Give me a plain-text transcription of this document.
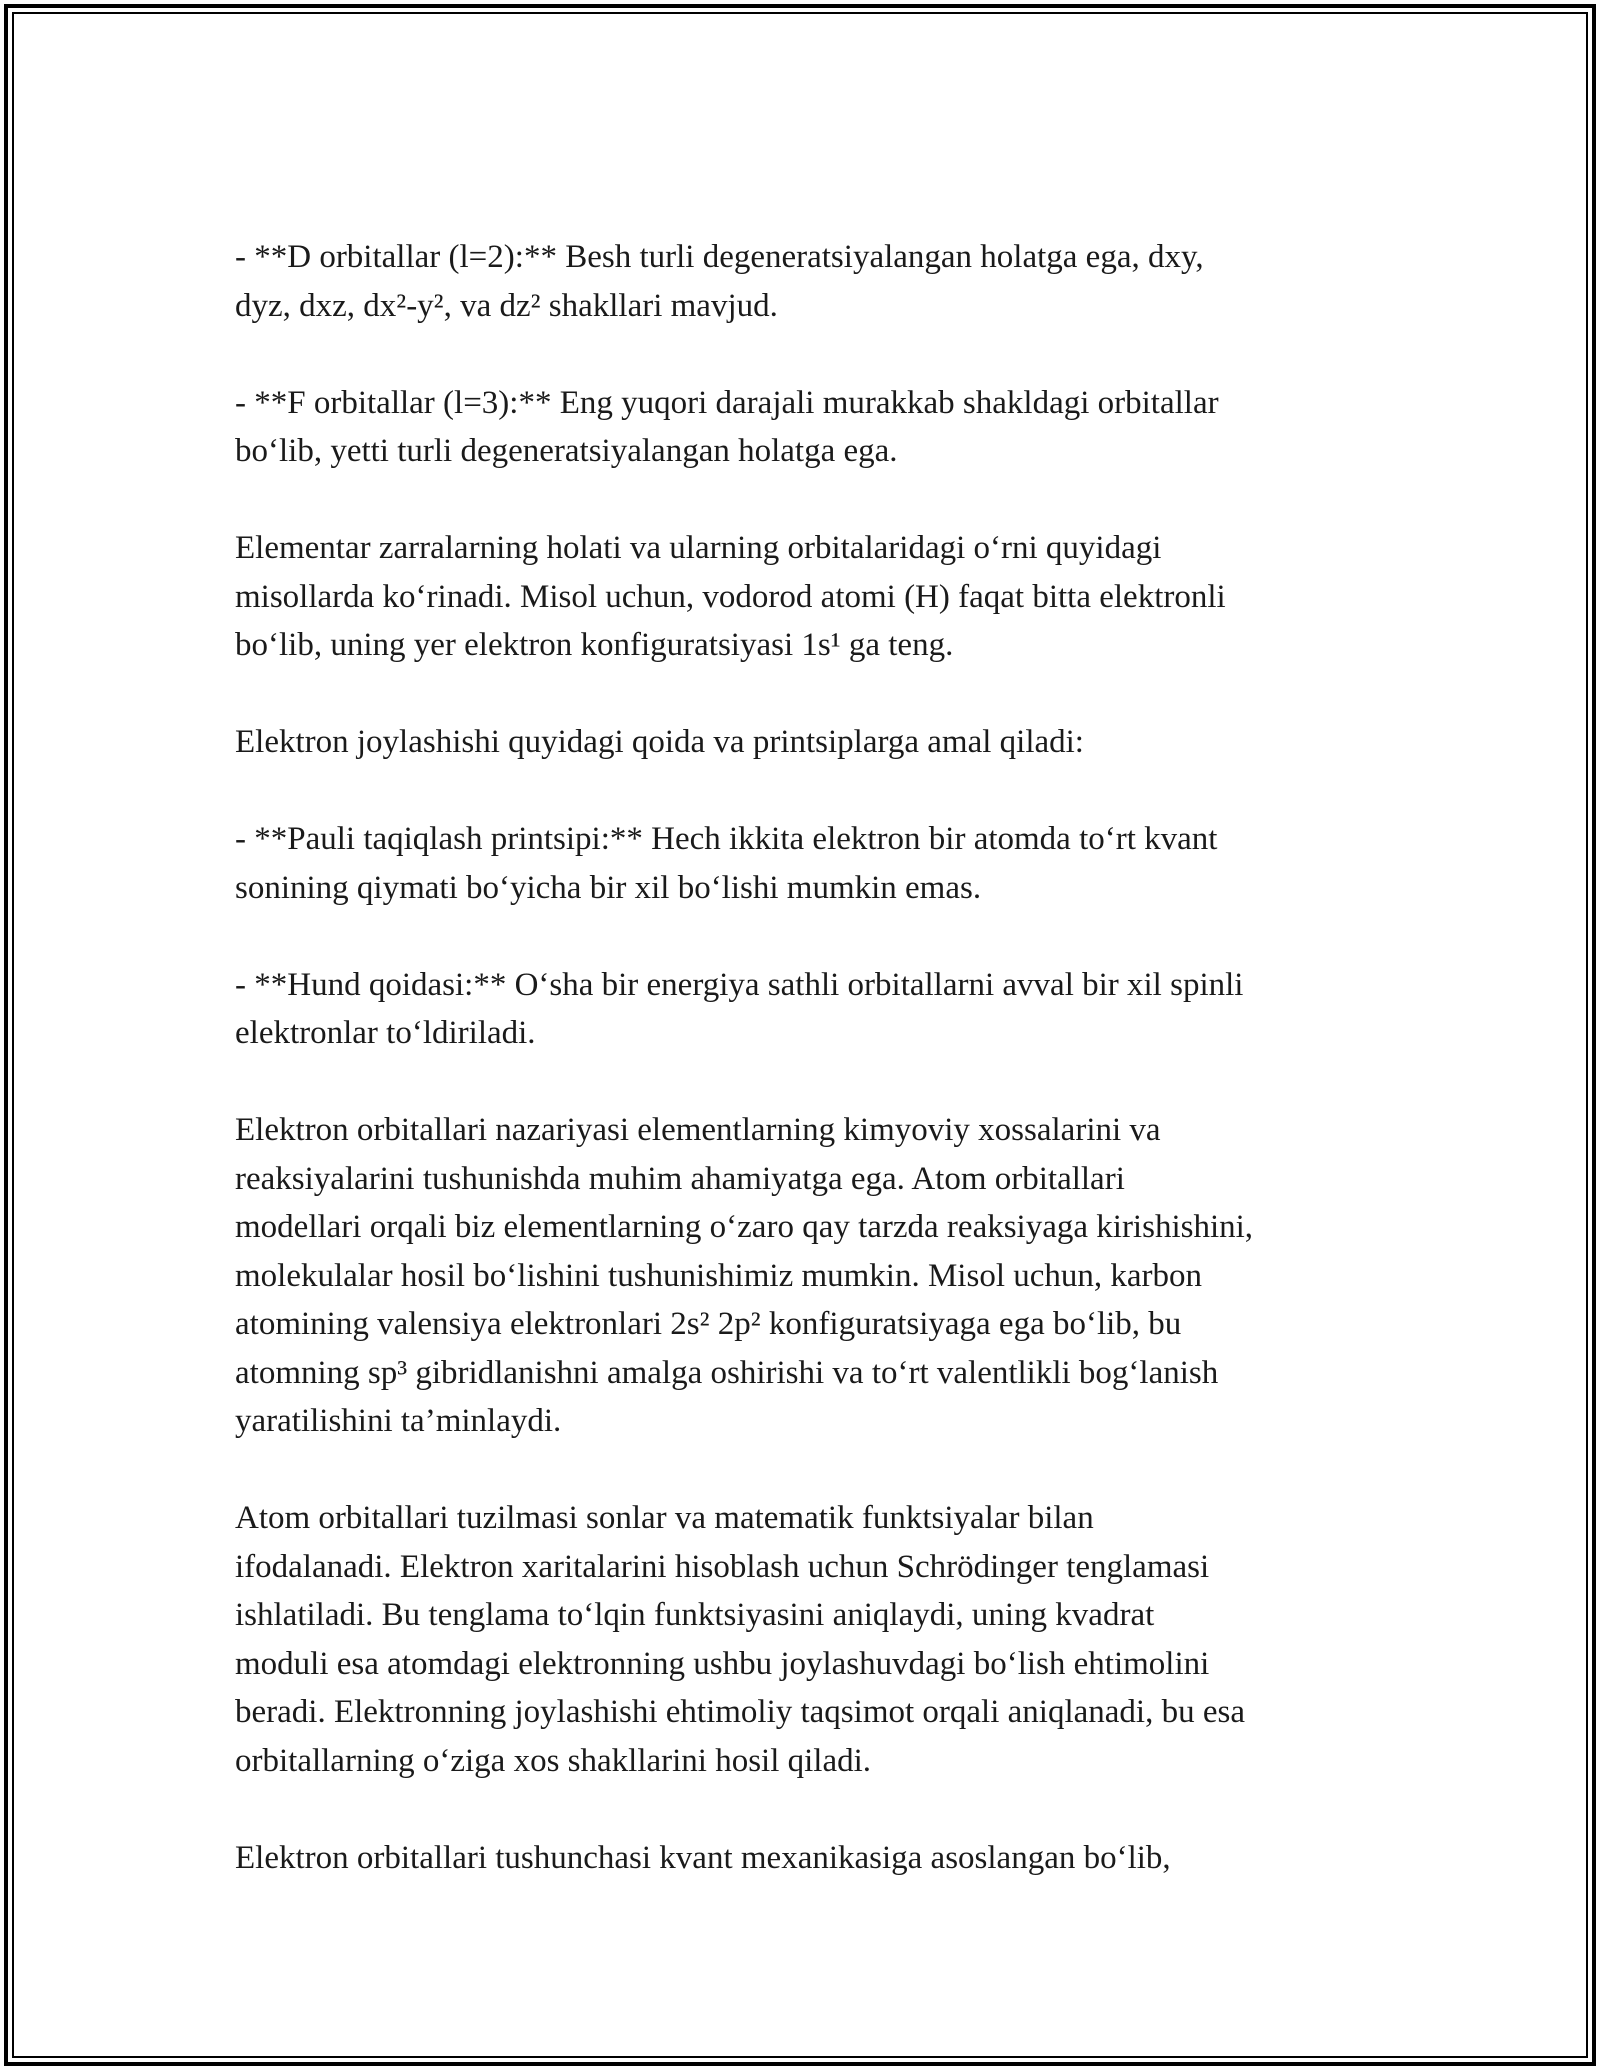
- **D orbitallar (l=2):** Besh turli degeneratsiyalangan holatga ega, dxy,
dyz, dxz, dx²-y², va dz² shakllari mavjud.

- **F orbitallar (l=3):** Eng yuqori darajali murakkab shakldagi orbitallar
bo‘lib, yetti turli degeneratsiyalangan holatga ega.

Elementar zarralarning holati va ularning orbitalaridagi o‘rni quyidagi
misollarda ko‘rinadi. Misol uchun, vodorod atomi (H) faqat bitta elektronli
bo‘lib, uning yer elektron konfiguratsiyasi 1s¹ ga teng.

Elektron joylashishi quyidagi qoida va printsiplarga amal qiladi:

- **Pauli taqiqlash printsipi:** Hech ikkita elektron bir atomda to‘rt kvant
sonining qiymati bo‘yicha bir xil bo‘lishi mumkin emas.

- **Hund qoidasi:** O‘sha bir energiya sathli orbitallarni avval bir xil spinli
elektronlar to‘ldiriladi.

Elektron orbitallari nazariyasi elementlarning kimyoviy xossalarini va
reaksiyalarini tushunishda muhim ahamiyatga ega. Atom orbitallari
modellari orqali biz elementlarning o‘zaro qay tarzda reaksiyaga kirishishini,
molekulalar hosil bo‘lishini tushunishimiz mumkin. Misol uchun, karbon
atomining valensiya elektronlari 2s² 2p² konfiguratsiyaga ega bo‘lib, bu
atomning sp³ gibridlanishni amalga oshirishi va to‘rt valentlikli bog‘lanish
yaratilishini ta’minlaydi.

Atom orbitallari tuzilmasi sonlar va matematik funktsiyalar bilan
ifodalanadi. Elektron xaritalarini hisoblash uchun Schrödinger tenglamasi
ishlatiladi. Bu tenglama to‘lqin funktsiyasini aniqlaydi, uning kvadrat
moduli esa atomdagi elektronning ushbu joylashuvdagi bo‘lish ehtimolini
beradi. Elektronning joylashishi ehtimoliy taqsimot orqali aniqlanadi, bu esa
orbitallarning o‘ziga xos shakllarini hosil qiladi.

Elektron orbitallari tushunchasi kvant mexanikasiga asoslangan bo‘lib,
